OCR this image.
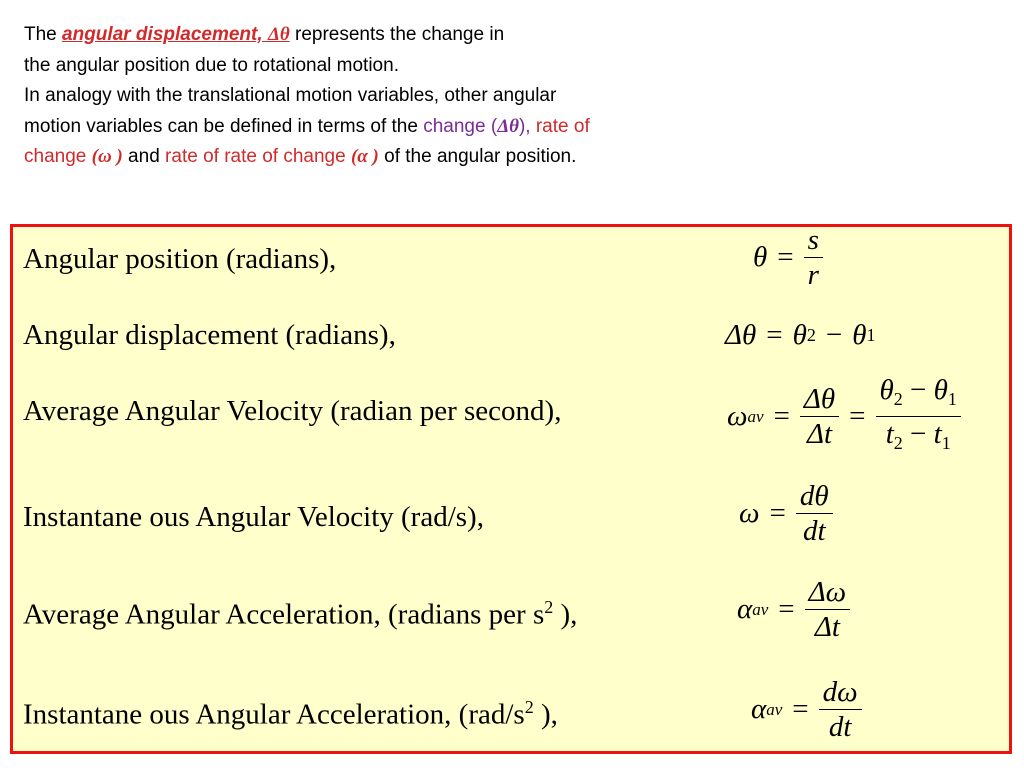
The angular displacement, Δθ represents the change in
the angular position due to rotational motion.
In analogy with the translational motion variables, other angular
motion variables can be defined in terms of the change (Δθ), rate of
change (ω ) and rate of rate of change (α ) of the angular position.
Angular position (radians),	$\theta = \frac{s}{r}$
Angular displacement (radians),	Δθ = θ 2 − θ 1
Average Angular Velocity (radian per second),	ω av = $\frac{\Delta\theta}{\Delta t} = \frac{\theta_2 - \theta_1}{t_2 - t_1}$
Instantane ous Angular Velocity (rad/s),	$\omega = \frac{d\theta}{dt}$
Average Angular Acceleration, (radians per $s^2$ ),	α av = $\frac{\Delta\omega}{\Delta t}$
Instantane ous Angular Acceleration, ($rad/s^2$ ),	α av = $\frac{d\omega}{dt}$
